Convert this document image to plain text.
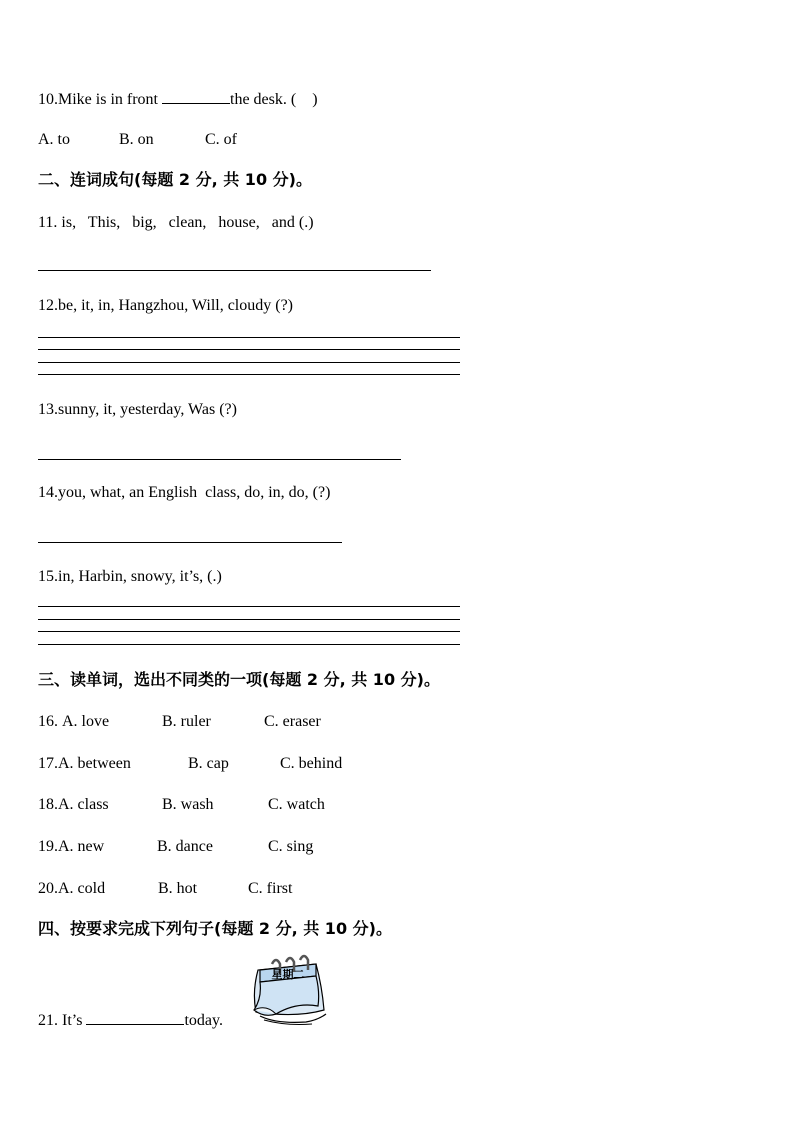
10.Mike is in front	the desk. (    )
A. to	B. on	C. of
二、连词成句(每题 2 分, 共 10 分)。
11. is,   This,   big,   clean,   house,   and (.)
12.be, it, in, Hangzhou, Will, cloudy (?)
13.sunny, it, yesterday, Was (?)
14.you, what, an English  class, do, in, do, (?)
15.in, Harbin, snowy, it’s, (.)
三、读单词，选出不同类的一项(每题 2 分, 共 10 分)。
16. A. love	B. ruler	C. eraser
17.A. between	B. cap	C. behind
18.A. class	B. wash	C. watch
19.A. new	B. dance	C. sing
20.A. cold	B. hot	C. first
四、按要求完成下列句子(每题 2 分, 共 10 分)。
21. It’s	today.
星期二
